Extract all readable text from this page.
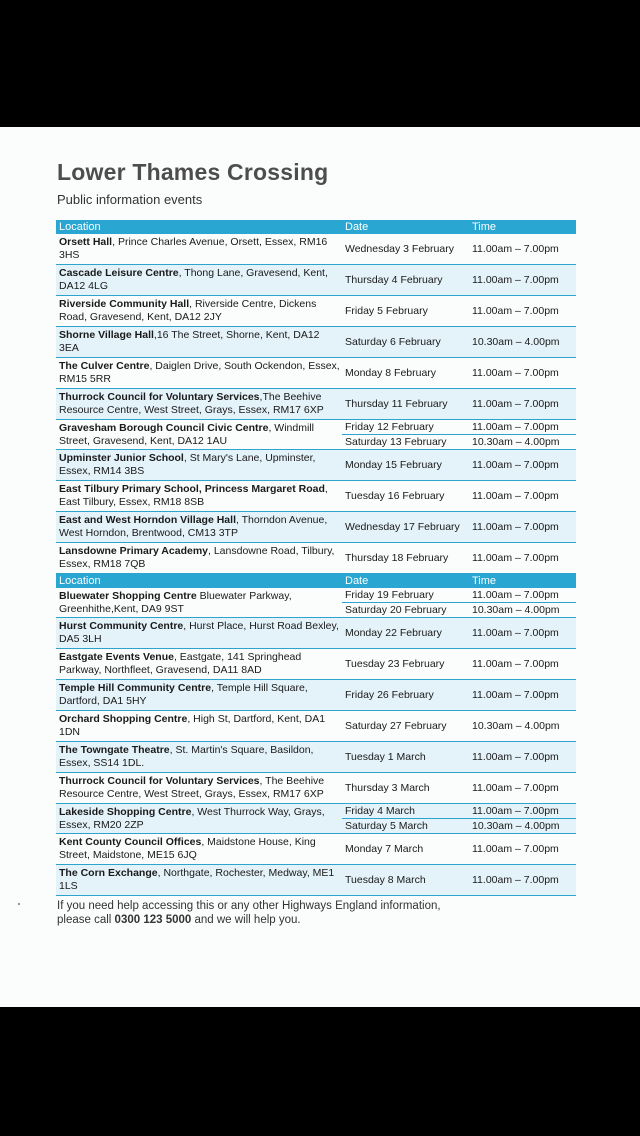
Lower Thames Crossing
Public information events
Location	Date	Time
Orsett Hall, Prince Charles Avenue, Orsett, Essex, RM16 3HS	Wednesday 3 February	11.00am – 7.00pm
Cascade Leisure Centre, Thong Lane, Gravesend, Kent, DA12 4LG	Thursday 4 February	11.00am – 7.00pm
Riverside Community Hall, Riverside Centre, Dickens Road, Gravesend, Kent, DA12 2JY	Friday 5 February	11.00am – 7.00pm
Shorne Village Hall,16 The Street, Shorne, Kent, DA12 3EA	Saturday 6 February	10.30am – 4.00pm
The Culver Centre, Daiglen Drive, South Ockendon, Essex, RM15 5RR	Monday 8 February	11.00am – 7.00pm
Thurrock Council for Voluntary Services,The Beehive Resource Centre, West Street, Grays, Essex, RM17 6XP	Thursday 11 February	11.00am – 7.00pm
Gravesham Borough Council Civic Centre, Windmill Street, Gravesend, Kent, DA12 1AU	Friday 12 February	11.00am – 7.00pm
	Saturday 13 February	10.30am – 4.00pm
Upminster Junior School, St Mary's Lane, Upminster, Essex, RM14 3BS	Monday 15 February	11.00am – 7.00pm
East Tilbury Primary School, Princess Margaret Road, East Tilbury, Essex, RM18 8SB	Tuesday 16 February	11.00am – 7.00pm
East and West Horndon Village Hall, Thorndon Avenue, West Horndon, Brentwood, CM13 3TP	Wednesday 17 February	11.00am – 7.00pm
Lansdowne Primary Academy, Lansdowne Road, Tilbury, Essex, RM18 7QB	Thursday 18 February	11.00am – 7.00pm
Location	Date	Time
Bluewater Shopping Centre Bluewater Parkway, Greenhithe,Kent, DA9 9ST	Friday 19 February	11.00am – 7.00pm
	Saturday 20 February	10.30am – 4.00pm
Hurst Community Centre, Hurst Place, Hurst Road Bexley, DA5 3LH	Monday 22 February	11.00am – 7.00pm
Eastgate Events Venue, Eastgate, 141 Springhead Parkway, Northfleet, Gravesend, DA11 8AD	Tuesday 23 February	11.00am – 7.00pm
Temple Hill Community Centre, Temple Hill Square, Dartford, DA1 5HY	Friday 26 February	11.00am – 7.00pm
Orchard Shopping Centre, High St, Dartford, Kent, DA1 1DN	Saturday 27 February	10.30am – 4.00pm
The Towngate Theatre, St. Martin's Square, Basildon, Essex, SS14 1DL.	Tuesday 1 March	11.00am – 7.00pm
Thurrock Council for Voluntary Services, The Beehive Resource Centre, West Street, Grays, Essex, RM17 6XP	Thursday 3 March	11.00am – 7.00pm
Lakeside Shopping Centre, West Thurrock Way, Grays, Essex, RM20 2ZP	Friday 4 March	11.00am – 7.00pm
	Saturday 5 March	10.30am – 4.00pm
Kent County Council Offices, Maidstone House, King Street, Maidstone, ME15 6JQ	Monday 7 March	11.00am – 7.00pm
The Corn Exchange, Northgate, Rochester, Medway, ME1 1LS	Tuesday 8 March	11.00am – 7.00pm
If you need help accessing this or any other Highways England information,
please call 0300 123 5000 and we will help you.
